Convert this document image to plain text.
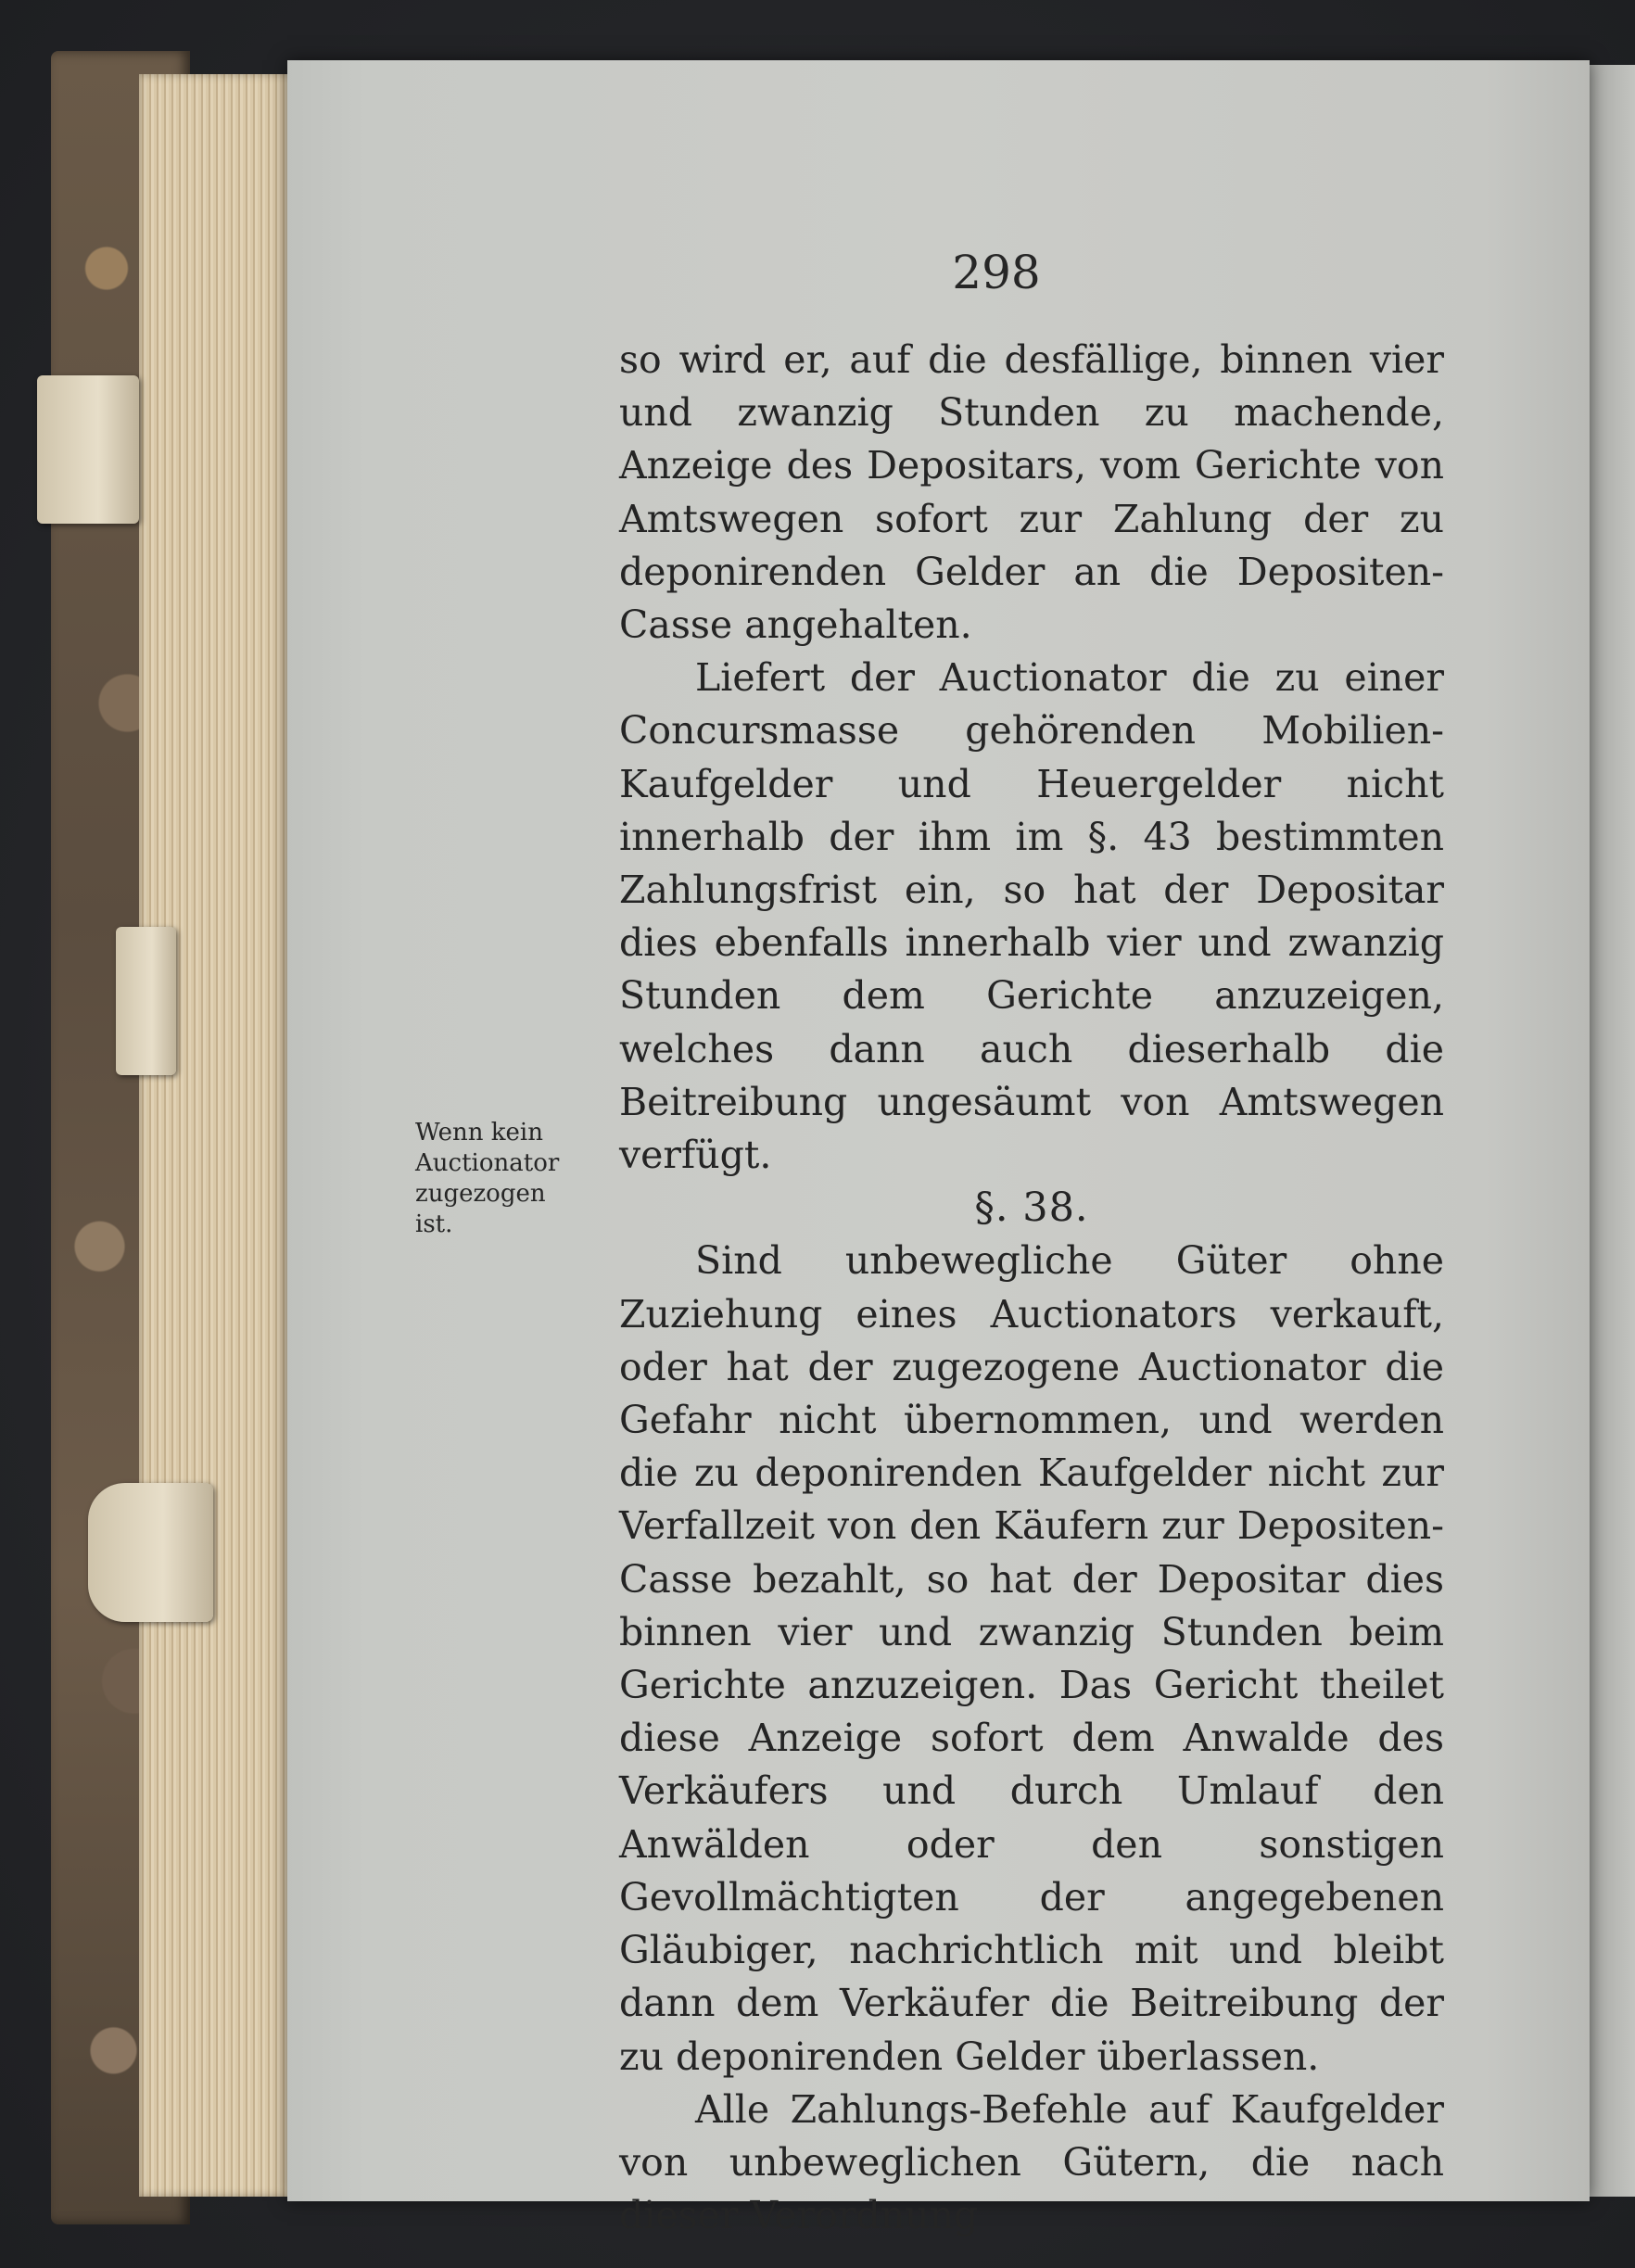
298
Wenn kein Auctionator zugezogen ist.

so wird er, auf die desfällige, binnen vier und zwanzig Stunden zu machende, Anzeige des Depositars, vom Gerichte von Amtswegen sofort zur Zahlung der zu deponirenden Gelder an die Depositen-Casse angehalten.

Liefert der Auctionator die zu einer Concursmasse gehörenden Mobilien-Kaufgelder und Heuergelder nicht innerhalb der ihm im §. 43 bestimmten Zahlungsfrist ein, so hat der Depositar dies ebenfalls innerhalb vier und zwanzig Stunden dem Gerichte anzuzeigen, welches dann auch dieserhalb die Beitreibung ungesäumt von Amtswegen verfügt.

§. 38.

Sind unbewegliche Güter ohne Zuziehung eines Auctionators verkauft, oder hat der zugezogene Auctionator die Gefahr nicht übernommen, und werden die zu deponirenden Kaufgelder nicht zur Verfallzeit von den Käufern zur Depositen-Casse bezahlt, so hat der Depositar dies binnen vier und zwanzig Stunden beim Gerichte anzuzeigen. Das Gericht theilet diese Anzeige sofort dem Anwalde des Verkäufers und durch Umlauf den Anwälden oder den sonstigen Gevollmächtigten der angegebenen Gläubiger, nachrichtlich mit und bleibt dann dem Verkäufer die Beitreibung der zu deponirenden Gelder überlassen.

Alle Zahlungs-Befehle auf Kaufgelder von unbeweglichen Gütern, die nach dieser Verordnung
